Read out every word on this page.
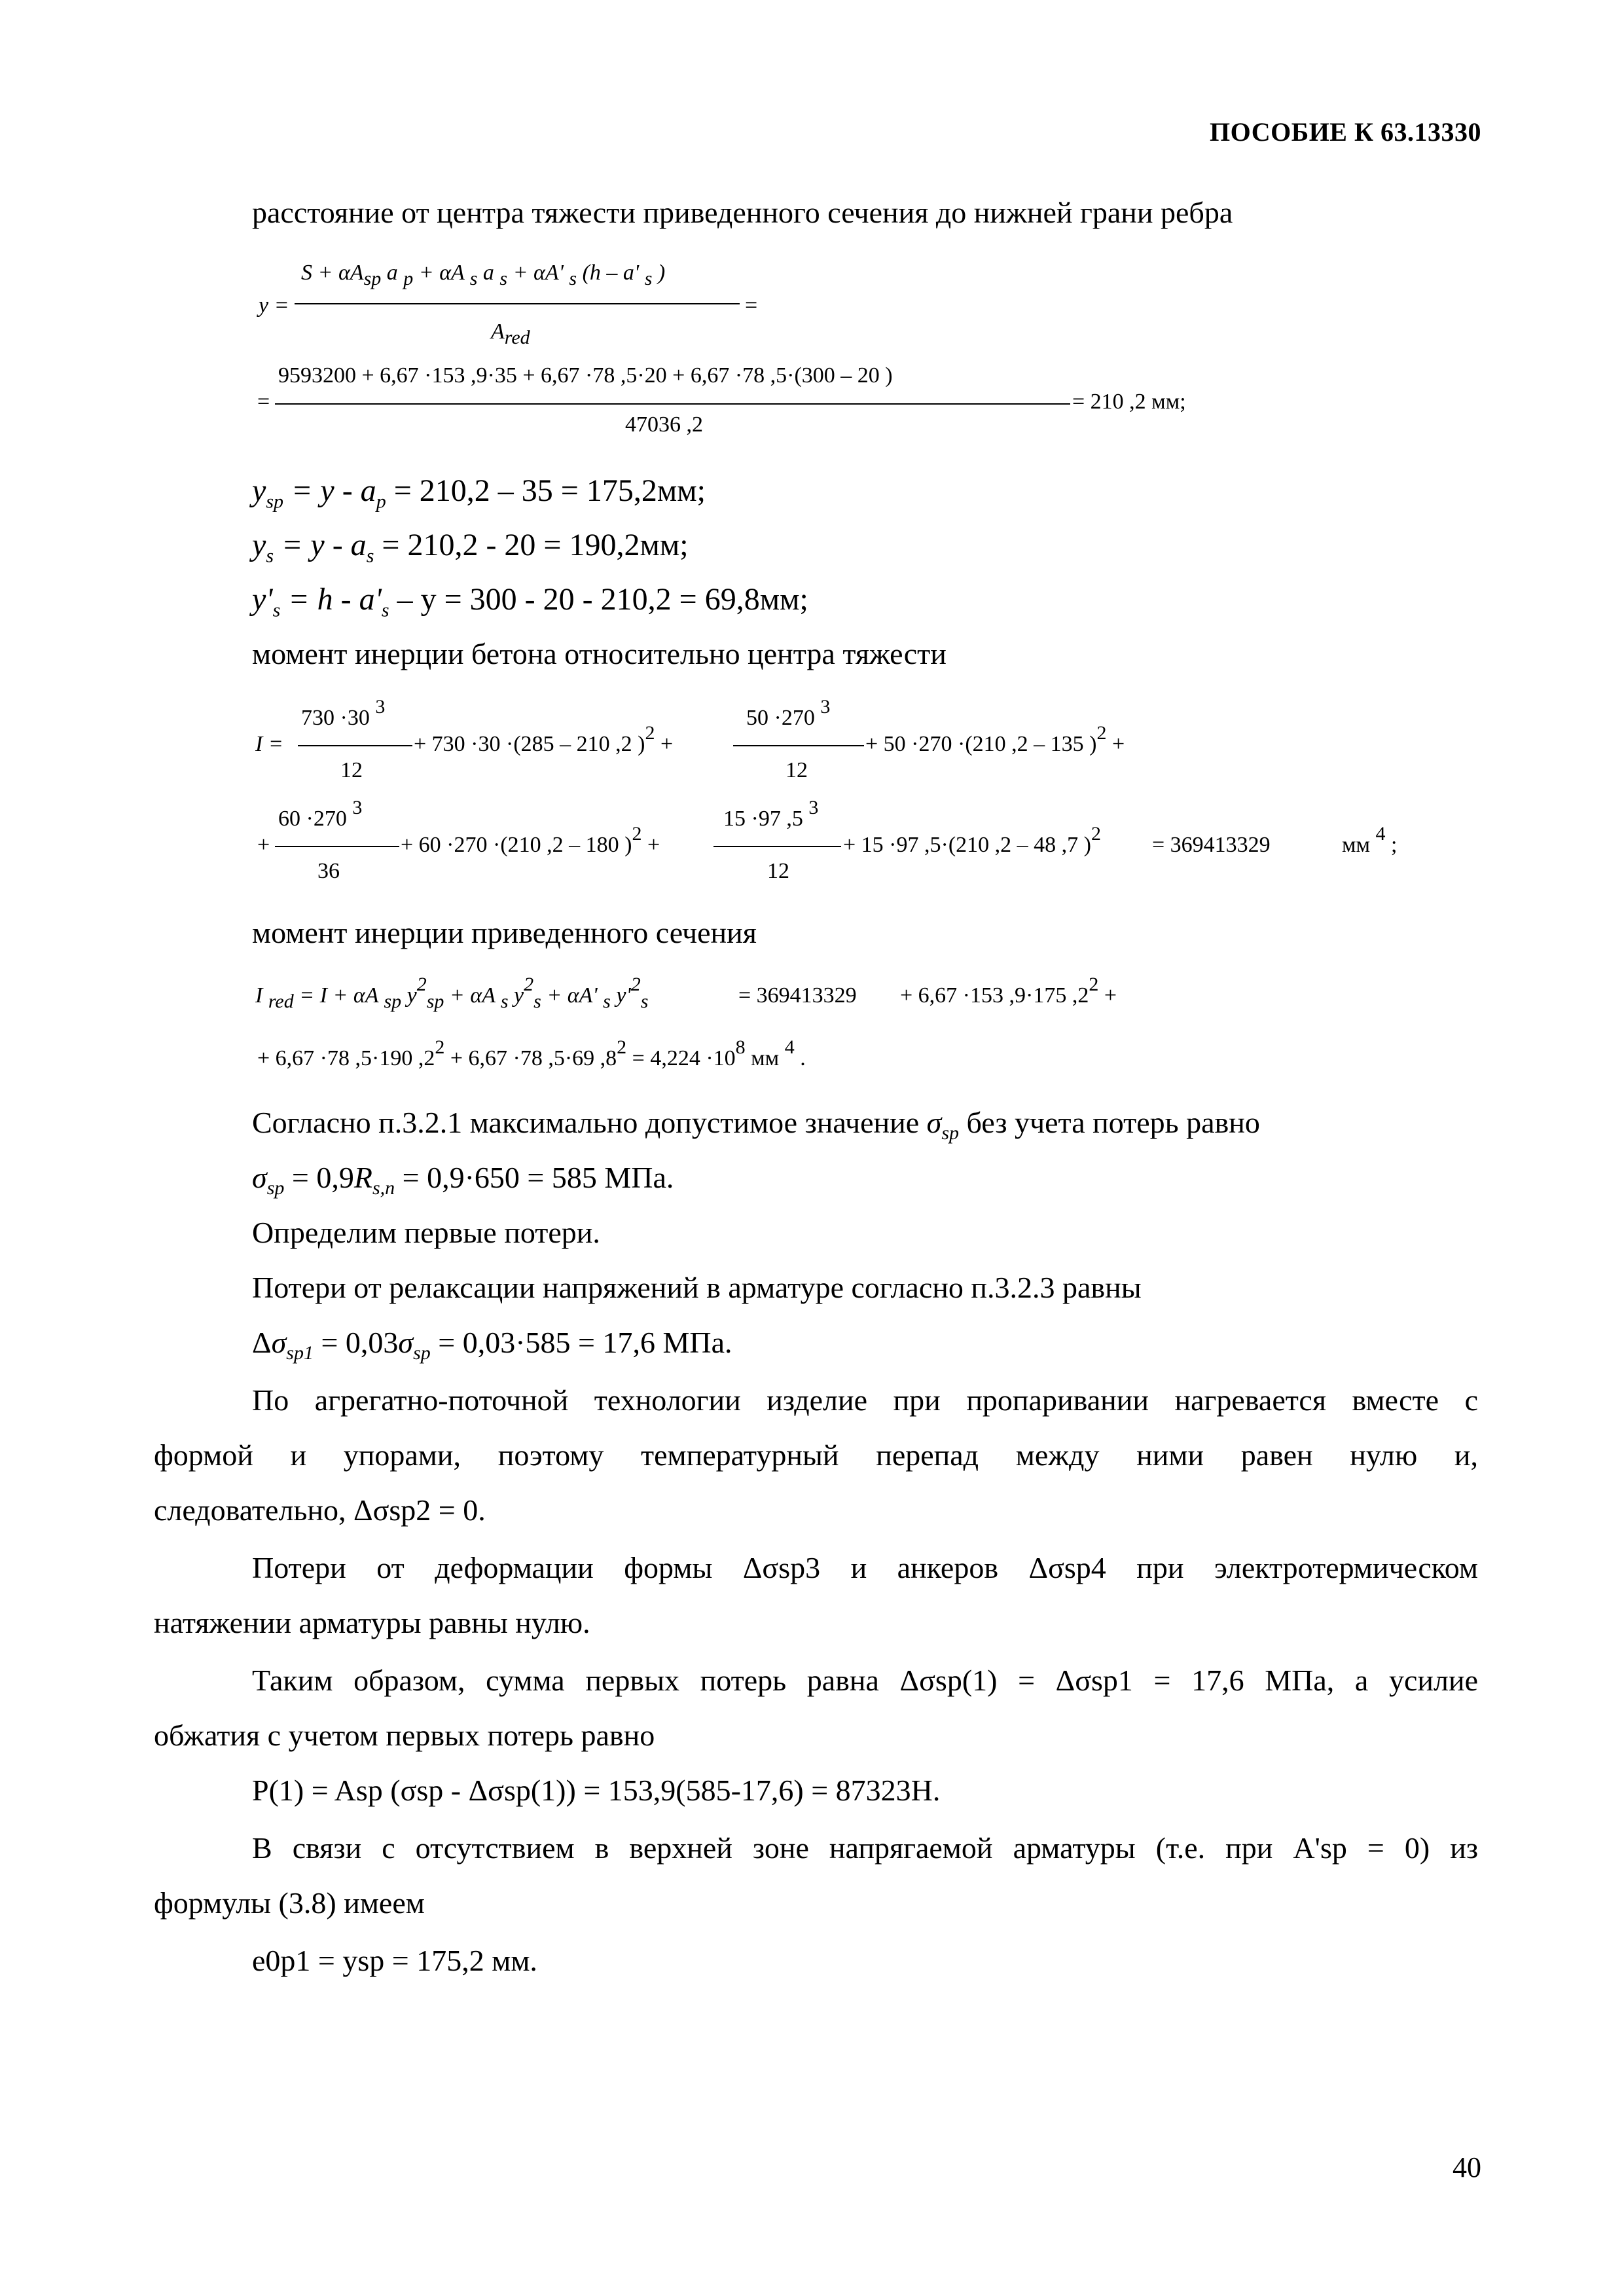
ПОСОБИЕ К 63.13330
расстояние от центра тяжести приведенного сечения до нижней грани ребра
y =
$S + \alpha A_{sp}$ a $_p$ + αA $_s$ a $_s$ + αA' $_s$ (h – a' $_s$ )
$A_{red}$
=
=
9593200 + 6,67 ·153 ,9·35 + 6,67 ·78 ,5·20 + 6,67 ·78 ,5·(300 – 20 )
47036 ,2
= 210 ,2 мм;
$y_{sp} = y - a_p = 210,2 - 35 = 175,2мм$;
$y_s = y - a_s = 210,2 - 20 = 190,2мм$;
$y'_s = h - a'_s - y = 300 - 20 - 210,2 = 69,8мм$;
момент инерции бетона относительно центра тяжести
I =
730 ·30 $^3$
12
+ 730 ·30 ·(285 – 210 ,2 )$^2$ +
50 ·270 $^3$
12
+ 50 ·270 ·(210 ,2 – 135 )$^2$ +
+
60 ·270 $^3$
36
+ 60 ·270 ·(210 ,2 – 180 )$^2$ +
15 ·97 ,5 $^3$
12
+ 15 ·97 ,5·(210 ,2 – 48 ,7 )$^2$ = 369413329	мм $^4$ ;
момент инерции приведенного сечения
I $_{red}$ = I + αA $_{sp}$ $y^2_{sp} + \alpha A$ $_s$ $y^2_s + \alpha A'$ $_s$ $y'^2_s$	= 369413329 + 6,67 ·153 ,9·175 $,2^2$ +
+ 6,67 ·78 ,5·190 $,2^2 + 6,67 \cdot 78$ ,5·69 $,8^2 = 4,224 \cdot 10^8$ мм $^4$ .
Согласно п.3.2.1 максимально допустимое значение $\sigma_{sp}$ без учета потерь равно
$\sigma_{sp} = 0,9R_{s,n} = 0,9\cdot 650 = 585$ МПа.
Определим первые потери.
Потери от релаксации напряжений в арматуре согласно п.3.2.3 равны
$\Delta\sigma_{sp1} = 0,03\sigma_{sp} = 0,03\cdot 585 = 17,6$ МПа.
По агрегатно-поточной технологии изделие при пропаривании нагревается вместе с
формой и упорами, поэтому температурный перепад между ними равен нулю и,
следовательно, Δσsp2 = 0.
Потери от деформации формы Δσsp3 и анкеров Δσsp4 при электротермическом
натяжении арматуры равны нулю.
Таким образом, сумма первых потерь равна Δσsp(1) = Δσsp1 = 17,6 МПа, а усилие
обжатия с учетом первых потерь равно
P(1) = Asp (σsp - Δσsp(1)) = 153,9(585-17,6) = 87323Н.
В связи с отсутствием в верхней зоне напрягаемой арматуры (т.е. при A'sp = 0) из
формулы (3.8) имеем
e0p1 = ysp = 175,2 мм.
40
